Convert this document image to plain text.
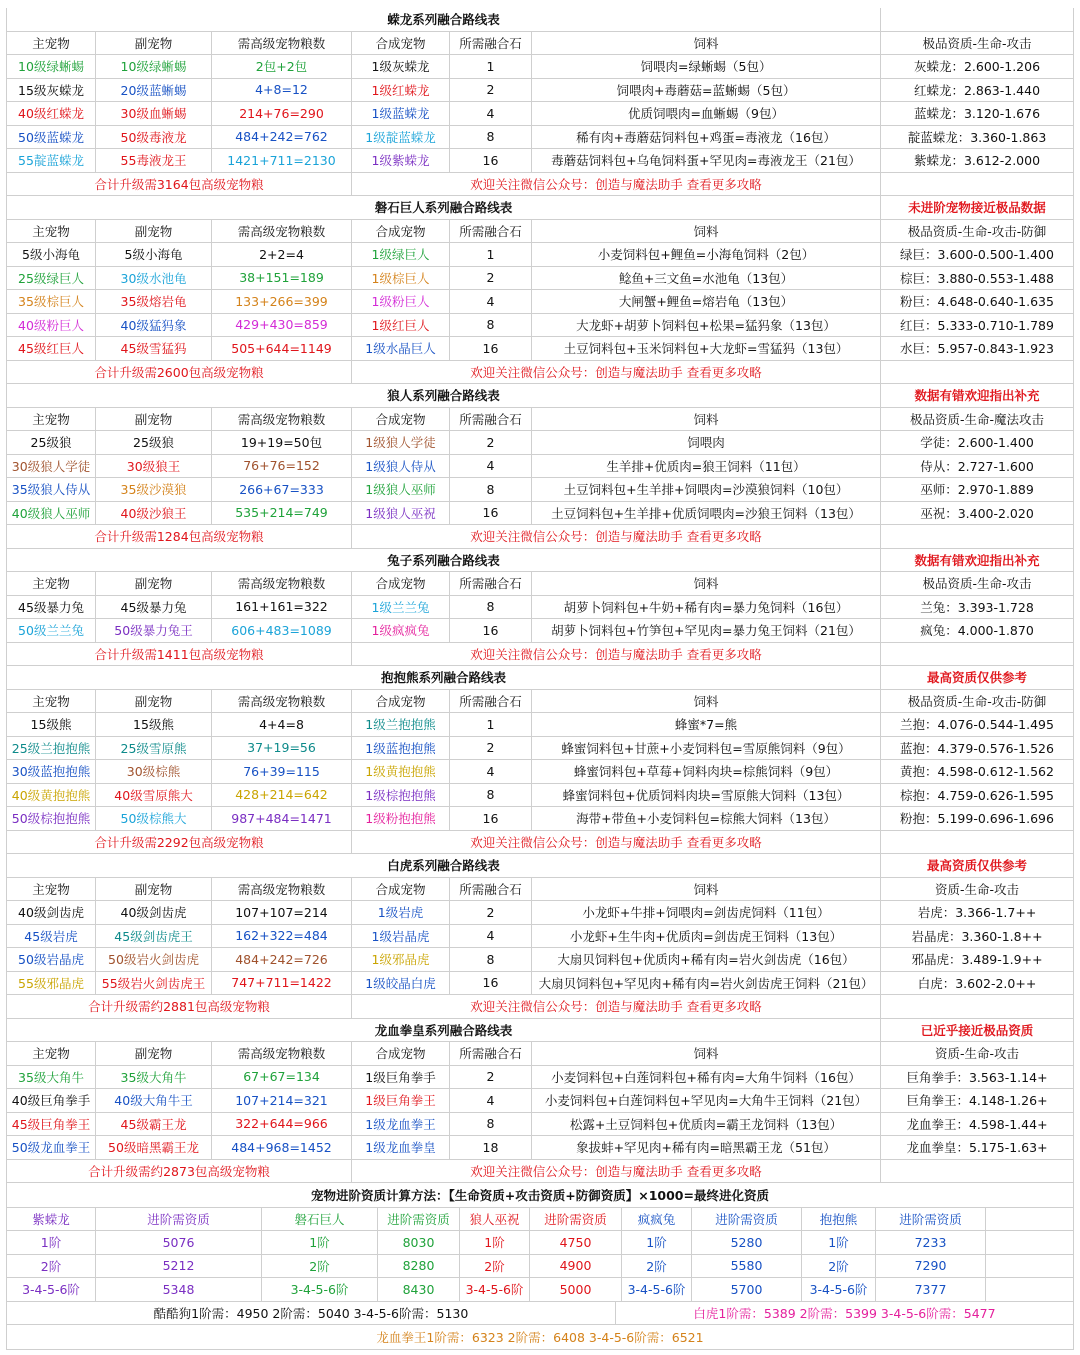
蝾龙系列融合路线表
主宠物	副宠物	需高级宠物粮数	合成宠物	所需融合石	饲料	极品资质-生命-攻击
10级绿蜥蜴	10级绿蜥蜴	2包+2包	1级灰蝾龙	1	饲喂肉=绿蜥蜴（5包）	灰蝾龙：2.600-1.206
15级灰蝾龙	20级蓝蜥蜴	4+8=12	1级红蝾龙	2	饲喂肉+毒蘑菇=蓝蜥蜴（5包）	红蝾龙：2.863-1.440
40级红蝾龙	30级血蜥蜴	214+76=290	1级蓝蝾龙	4	优质饲喂肉=血蜥蜴（9包）	蓝蝾龙：3.120-1.676
50级蓝蝾龙	50级毒液龙	484+242=762	1级靛蓝蝾龙	8	稀有肉+毒蘑菇饲料包+鸡蛋=毒液龙（16包）	靛蓝蝾龙：3.360-1.863
55靛蓝蝾龙	55毒液龙王	1421+711=2130	1级紫蝾龙	16	毒蘑菇饲料包+乌龟饲料蛋+罕见肉=毒液龙王（21包）	紫蝾龙：3.612-2.000
合计升级需3164包高级宠物粮	欢迎关注微信公众号：创造与魔法助手 查看更多攻略
磐石巨人系列融合路线表	未进阶宠物接近极品数据
主宠物	副宠物	需高级宠物粮数	合成宠物	所需融合石	饲料	极品资质-生命-攻击-防御
5级小海龟	5级小海龟	2+2=4	1级绿巨人	1	小麦饲料包+鲤鱼=小海龟饲料（2包）	绿巨：3.600-0.500-1.400
25级绿巨人	30级水池龟	38+151=189	1级棕巨人	2	鲶鱼+三文鱼=水池龟（13包）	棕巨：3.880-0.553-1.488
35级棕巨人	35级熔岩龟	133+266=399	1级粉巨人	4	大闸蟹+鲤鱼=熔岩龟（13包）	粉巨：4.648-0.640-1.635
40级粉巨人	40级猛犸象	429+430=859	1级红巨人	8	大龙虾+胡萝卜饲料包+松果=猛犸象（13包）	红巨：5.333-0.710-1.789
45级红巨人	45级雪猛犸	505+644=1149	1级水晶巨人	16	土豆饲料包+玉米饲料包+大龙虾=雪猛犸（13包）	水巨：5.957-0.843-1.923
合计升级需2600包高级宠物粮	欢迎关注微信公众号：创造与魔法助手 查看更多攻略
狼人系列融合路线表	数据有错欢迎指出补充
主宠物	副宠物	需高级宠物粮数	合成宠物	所需融合石	饲料	极品资质-生命-魔法攻击
25级狼	25级狼	19+19=50包	1级狼人学徒	2	饲喂肉	学徒：2.600-1.400
30级狼人学徒	30级狼王	76+76=152	1级狼人侍从	4	生羊排+优质肉=狼王饲料（11包）	侍从：2.727-1.600
35级狼人侍从	35级沙漠狼	266+67=333	1级狼人巫师	8	土豆饲料包+生羊排+饲喂肉=沙漠狼饲料（10包）	巫师：2.970-1.889
40级狼人巫师	40级沙狼王	535+214=749	1级狼人巫祝	16	土豆饲料包+生羊排+优质饲喂肉=沙狼王饲料（13包）	巫祝：3.400-2.020
合计升级需1284包高级宠物粮	欢迎关注微信公众号：创造与魔法助手 查看更多攻略
兔子系列融合路线表	数据有错欢迎指出补充
主宠物	副宠物	需高级宠物粮数	合成宠物	所需融合石	饲料	极品资质-生命-攻击
45级暴力兔	45级暴力兔	161+161=322	1级兰兰兔	8	胡萝卜饲料包+牛奶+稀有肉=暴力兔饲料（16包）	兰兔：3.393-1.728
50级兰兰兔	50级暴力兔王	606+483=1089	1级疯疯兔	16	胡萝卜饲料包+竹笋包+罕见肉=暴力兔王饲料（21包）	疯兔：4.000-1.870
合计升级需1411包高级宠物粮	欢迎关注微信公众号：创造与魔法助手 查看更多攻略
抱抱熊系列融合路线表	最高资质仅供参考
主宠物	副宠物	需高级宠物粮数	合成宠物	所需融合石	饲料	极品资质-生命-攻击-防御
15级熊	15级熊	4+4=8	1级兰抱抱熊	1	蜂蜜*7=熊	兰抱：4.076-0.544-1.495
25级兰抱抱熊	25级雪原熊	37+19=56	1级蓝抱抱熊	2	蜂蜜饲料包+甘蔗+小麦饲料包=雪原熊饲料（9包）	蓝抱：4.379-0.576-1.526
30级蓝抱抱熊	30级棕熊	76+39=115	1级黄抱抱熊	4	蜂蜜饲料包+草莓+饲料肉块=棕熊饲料（9包）	黄抱：4.598-0.612-1.562
40级黄抱抱熊	40级雪原熊大	428+214=642	1级棕抱抱熊	8	蜂蜜饲料包+优质饲料肉块=雪原熊大饲料（13包）	棕抱：4.759-0.626-1.595
50级棕抱抱熊	50级棕熊大	987+484=1471	1级粉抱抱熊	16	海带+带鱼+小麦饲料包=棕熊大饲料（13包）	粉抱：5.199-0.696-1.696
合计升级需2292包高级宠物粮	欢迎关注微信公众号：创造与魔法助手 查看更多攻略
白虎系列融合路线表	最高资质仅供参考
主宠物	副宠物	需高级宠物粮数	合成宠物	所需融合石	饲料	资质-生命-攻击
40级剑齿虎	40级剑齿虎	107+107=214	1级岩虎	2	小龙虾+牛排+饲喂肉=剑齿虎饲料（11包）	岩虎：3.366-1.7++
45级岩虎	45级剑齿虎王	162+322=484	1级岩晶虎	4	小龙虾+生牛肉+优质肉=剑齿虎王饲料（13包）	岩晶虎：3.360-1.8++
50级岩晶虎	50级岩火剑齿虎	484+242=726	1级邪晶虎	8	大扇贝饲料包+优质肉+稀有肉=岩火剑齿虎（16包）	邪晶虎：3.489-1.9++
55级邪晶虎	55级岩火剑齿虎王	747+711=1422	1级皎晶白虎	16	大扇贝饲料包+罕见肉+稀有肉=岩火剑齿虎王饲料（21包）	白虎：3.602-2.0++
合计升级需约2881包高级宠物粮	欢迎关注微信公众号：创造与魔法助手 查看更多攻略
龙血拳皇系列融合路线表	已近乎接近极品资质
主宠物	副宠物	需高级宠物粮数	合成宠物	所需融合石	饲料	资质-生命-攻击
35级大角牛	35级大角牛	67+67=134	1级巨角拳手	2	小麦饲料包+白莲饲料包+稀有肉=大角牛饲料（16包）	巨角拳手：3.563-1.14+
40级巨角拳手	40级大角牛王	107+214=321	1级巨角拳王	4	小麦饲料包+白莲饲料包+罕见肉=大角牛王饲料（21包）	巨角拳王：4.148-1.26+
45级巨角拳王	45级霸王龙	322+644=966	1级龙血拳王	8	松露+土豆饲料包+优质肉=霸王龙饲料（13包）	龙血拳王：4.598-1.44+
50级龙血拳王	50级暗黑霸王龙	484+968=1452	1级龙血拳皇	18	象拔蚌+罕见肉+稀有肉=暗黑霸王龙（51包）	龙血拳皇：5.175-1.63+
合计升级需约2873包高级宠物粮	欢迎关注微信公众号：创造与魔法助手 查看更多攻略
宠物进阶资质计算方法：【生命资质+攻击资质+防御资质】×1000=最终进化资质
紫蝾龙	进阶需资质	磐石巨人	进阶需资质	狼人巫祝	进阶需资质	疯疯兔	进阶需资质	抱抱熊	进阶需资质
1阶	5076	1阶	8030	1阶	4750	1阶	5280	1阶	7233
2阶	5212	2阶	8280	2阶	4900	2阶	5580	2阶	7290
3-4-5-6阶	5348	3-4-5-6阶	8430	3-4-5-6阶	5000	3-4-5-6阶	5700	3-4-5-6阶	7377
酷酷狗1阶需：4950 2阶需：5040 3-4-5-6阶需：5130	白虎1阶需：5389 2阶需：5399 3-4-5-6阶需：5477
龙血拳王1阶需：6323 2阶需：6408 3-4-5-6阶需：6521
